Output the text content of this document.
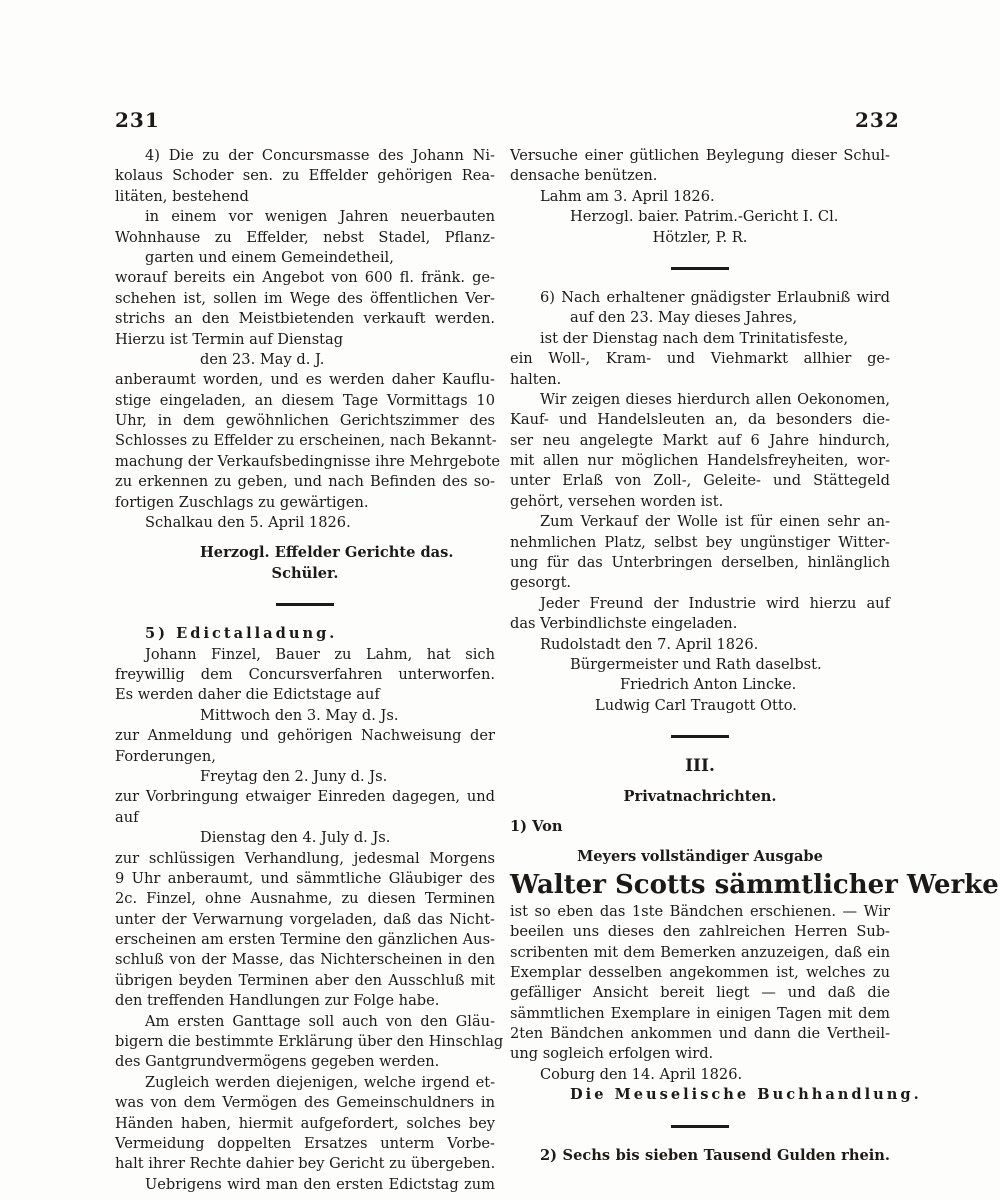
231	232
4) Die zu der Concursmasse des Johann Ni-
kolaus Schoder sen. zu Effelder gehörigen Rea-
litäten, bestehend
in einem vor wenigen Jahren neuerbauten
Wohnhause zu Effelder, nebst Stadel, Pflanz-
garten und einem Gemeindetheil,
worauf bereits ein Angebot von 600 fl. fränk. ge-
schehen ist, sollen im Wege des öffentlichen Ver-
strichs an den Meistbietenden verkauft werden.
Hierzu ist Termin auf Dienstag
den 23. May d. J.
anberaumt worden, und es werden daher Kauflu-
stige eingeladen, an diesem Tage Vormittags 10
Uhr, in dem gewöhnlichen Gerichtszimmer des
Schlosses zu Effelder zu erscheinen, nach Bekannt-
machung der Verkaufsbedingnisse ihre Mehrgebote
zu erkennen zu geben, und nach Befinden des so-
fortigen Zuschlags zu gewärtigen.
Schalkau den 5. April 1826.
Herzogl. Effelder Gerichte das.
Schüler.
5) Edictalladung.
Johann Finzel, Bauer zu Lahm, hat sich
freywillig dem Concursverfahren unterworfen.
Es werden daher die Edictstage auf
Mittwoch den 3. May d. Js.
zur Anmeldung und gehörigen Nachweisung der
Forderungen,
Freytag den 2. Juny d. Js.
zur Vorbringung etwaiger Einreden dagegen, und
auf
Dienstag den 4. July d. Js.
zur schlüssigen Verhandlung, jedesmal Morgens
9 Uhr anberaumt, und sämmtliche Gläubiger des
2c. Finzel, ohne Ausnahme, zu diesen Terminen
unter der Verwarnung vorgeladen, daß das Nicht-
erscheinen am ersten Termine den gänzlichen Aus-
schluß von der Masse, das Nichterscheinen in den
übrigen beyden Terminen aber den Ausschluß mit
den treffenden Handlungen zur Folge habe.
Am ersten Ganttage soll auch von den Gläu-
bigern die bestimmte Erklärung über den Hinschlag
des Gantgrundvermögens gegeben werden.
Zugleich werden diejenigen, welche irgend et-
was von dem Vermögen des Gemeinschuldners in
Händen haben, hiermit aufgefordert, solches bey
Vermeidung doppelten Ersatzes unterm Vorbe-
halt ihrer Rechte dahier bey Gericht zu übergeben.
Uebrigens wird man den ersten Edictstag zum
Versuche einer gütlichen Beylegung dieser Schul-
densache benützen.
Lahm am 3. April 1826.
Herzogl. baier. Patrim.-Gericht I. Cl.
Hötzler, P. R.
6) Nach erhaltener gnädigster Erlaubniß wird
auf den 23. May dieses Jahres,
ist der Dienstag nach dem Trinitatisfeste,
ein Woll-, Kram- und Viehmarkt allhier ge-
halten.
Wir zeigen dieses hierdurch allen Oekonomen,
Kauf- und Handelsleuten an, da besonders die-
ser neu angelegte Markt auf 6 Jahre hindurch,
mit allen nur möglichen Handelsfreyheiten, wor-
unter Erlaß von Zoll-, Geleite- und Stättegeld
gehört, versehen worden ist.
Zum Verkauf der Wolle ist für einen sehr an-
nehmlichen Platz, selbst bey ungünstiger Witter-
ung für das Unterbringen derselben, hinlänglich
gesorgt.
Jeder Freund der Industrie wird hierzu auf
das Verbindlichste eingeladen.
Rudolstadt den 7. April 1826.
Bürgermeister und Rath daselbst.
Friedrich Anton Lincke.
Ludwig Carl Traugott Otto.
III.
Privatnachrichten.
1) Von
Meyers vollständiger Ausgabe
Walter Scotts sämmtlicher Werke
ist so eben das 1ste Bändchen erschienen. — Wir
beeilen uns dieses den zahlreichen Herren Sub-
scribenten mit dem Bemerken anzuzeigen, daß ein
Exemplar desselben angekommen ist, welches zu
gefälliger Ansicht bereit liegt — und daß die
sämmtlichen Exemplare in einigen Tagen mit dem
2ten Bändchen ankommen und dann die Vertheil-
ung sogleich erfolgen wird.
Coburg den 14. April 1826.
Die Meuselische Buchhandlung.
2) Sechs bis sieben Tausend Gulden rhein.
